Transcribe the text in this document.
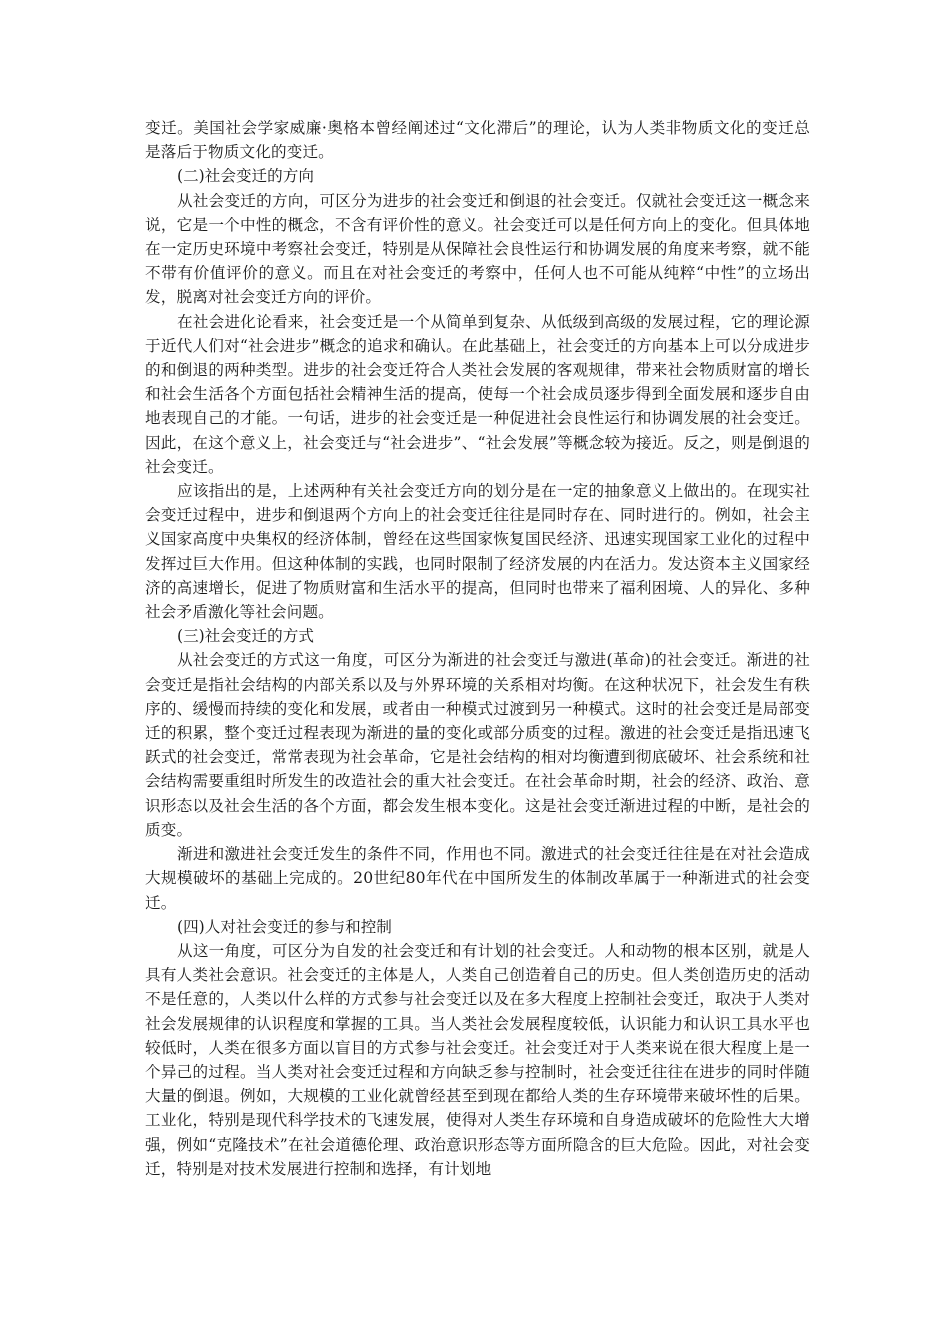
变迁。美国社会学家威廉·奥格本曾经阐述过“文化滞后”的理论，认为人类非物质文化的变迁总是落后于物质文化的变迁。

(二)社会变迁的方向

从社会变迁的方向，可区分为进步的社会变迁和倒退的社会变迁。仅就社会变迁这一概念来说，它是一个中性的概念，不含有评价性的意义。社会变迁可以是任何方向上的变化。但具体地在一定历史环境中考察社会变迁，特别是从保障社会良性运行和协调发展的角度来考察，就不能不带有价值评价的意义。而且在对社会变迁的考察中，任何人也不可能从纯粹“中性”的立场出发，脱离对社会变迁方向的评价。

在社会进化论看来，社会变迁是一个从简单到复杂、从低级到高级的发展过程，它的理论源于近代人们对“社会进步”概念的追求和确认。在此基础上，社会变迁的方向基本上可以分成进步的和倒退的两种类型。进步的社会变迁符合人类社会发展的客观规律，带来社会物质财富的增长和社会生活各个方面包括社会精神生活的提高，使每一个社会成员逐步得到全面发展和逐步自由地表现自己的才能。一句话，进步的社会变迁是一种促进社会良性运行和协调发展的社会变迁。因此，在这个意义上，社会变迁与“社会进步”、“社会发展”等概念较为接近。反之，则是倒退的社会变迁。

应该指出的是，上述两种有关社会变迁方向的划分是在一定的抽象意义上做出的。在现实社会变迁过程中，进步和倒退两个方向上的社会变迁往往是同时存在、同时进行的。例如，社会主义国家高度中央集权的经济体制，曾经在这些国家恢复国民经济、迅速实现国家工业化的过程中发挥过巨大作用。但这种体制的实践，也同时限制了经济发展的内在活力。发达资本主义国家经济的高速增长，促进了物质财富和生活水平的提高，但同时也带来了福利困境、人的异化、多种社会矛盾激化等社会问题。

(三)社会变迁的方式

从社会变迁的方式这一角度，可区分为渐进的社会变迁与激进(革命)的社会变迁。渐进的社会变迁是指社会结构的内部关系以及与外界环境的关系相对均衡。在这种状况下，社会发生有秩序的、缓慢而持续的变化和发展，或者由一种模式过渡到另一种模式。这时的社会变迁是局部变迁的积累，整个变迁过程表现为渐进的量的变化或部分质变的过程。激进的社会变迁是指迅速飞跃式的社会变迁，常常表现为社会革命，它是社会结构的相对均衡遭到彻底破坏、社会系统和社会结构需要重组时所发生的改造社会的重大社会变迁。在社会革命时期，社会的经济、政治、意识形态以及社会生活的各个方面，都会发生根本变化。这是社会变迁渐进过程的中断，是社会的质变。

渐进和激进社会变迁发生的条件不同，作用也不同。激进式的社会变迁往往是在对社会造成大规模破坏的基础上完成的。20世纪80年代在中国所发生的体制改革属于一种渐进式的社会变迁。

(四)人对社会变迁的参与和控制

从这一角度，可区分为自发的社会变迁和有计划的社会变迁。人和动物的根本区别，就是人具有人类社会意识。社会变迁的主体是人，人类自己创造着自己的历史。但人类创造历史的活动不是任意的，人类以什么样的方式参与社会变迁以及在多大程度上控制社会变迁，取决于人类对社会发展规律的认识程度和掌握的工具。当人类社会发展程度较低，认识能力和认识工具水平也较低时，人类在很多方面以盲目的方式参与社会变迁。社会变迁对于人类来说在很大程度上是一个异己的过程。当人类对社会变迁过程和方向缺乏参与控制时，社会变迁往往在进步的同时伴随大量的倒退。例如，大规模的工业化就曾经甚至到现在都给人类的生存环境带来破坏性的后果。工业化，特别是现代科学技术的飞速发展，使得对人类生存环境和自身造成破坏的危险性大大增强，例如“克隆技术”在社会道德伦理、政治意识形态等方面所隐含的巨大危险。因此，对社会变迁，特别是对技术发展进行控制和选择，有计划地
